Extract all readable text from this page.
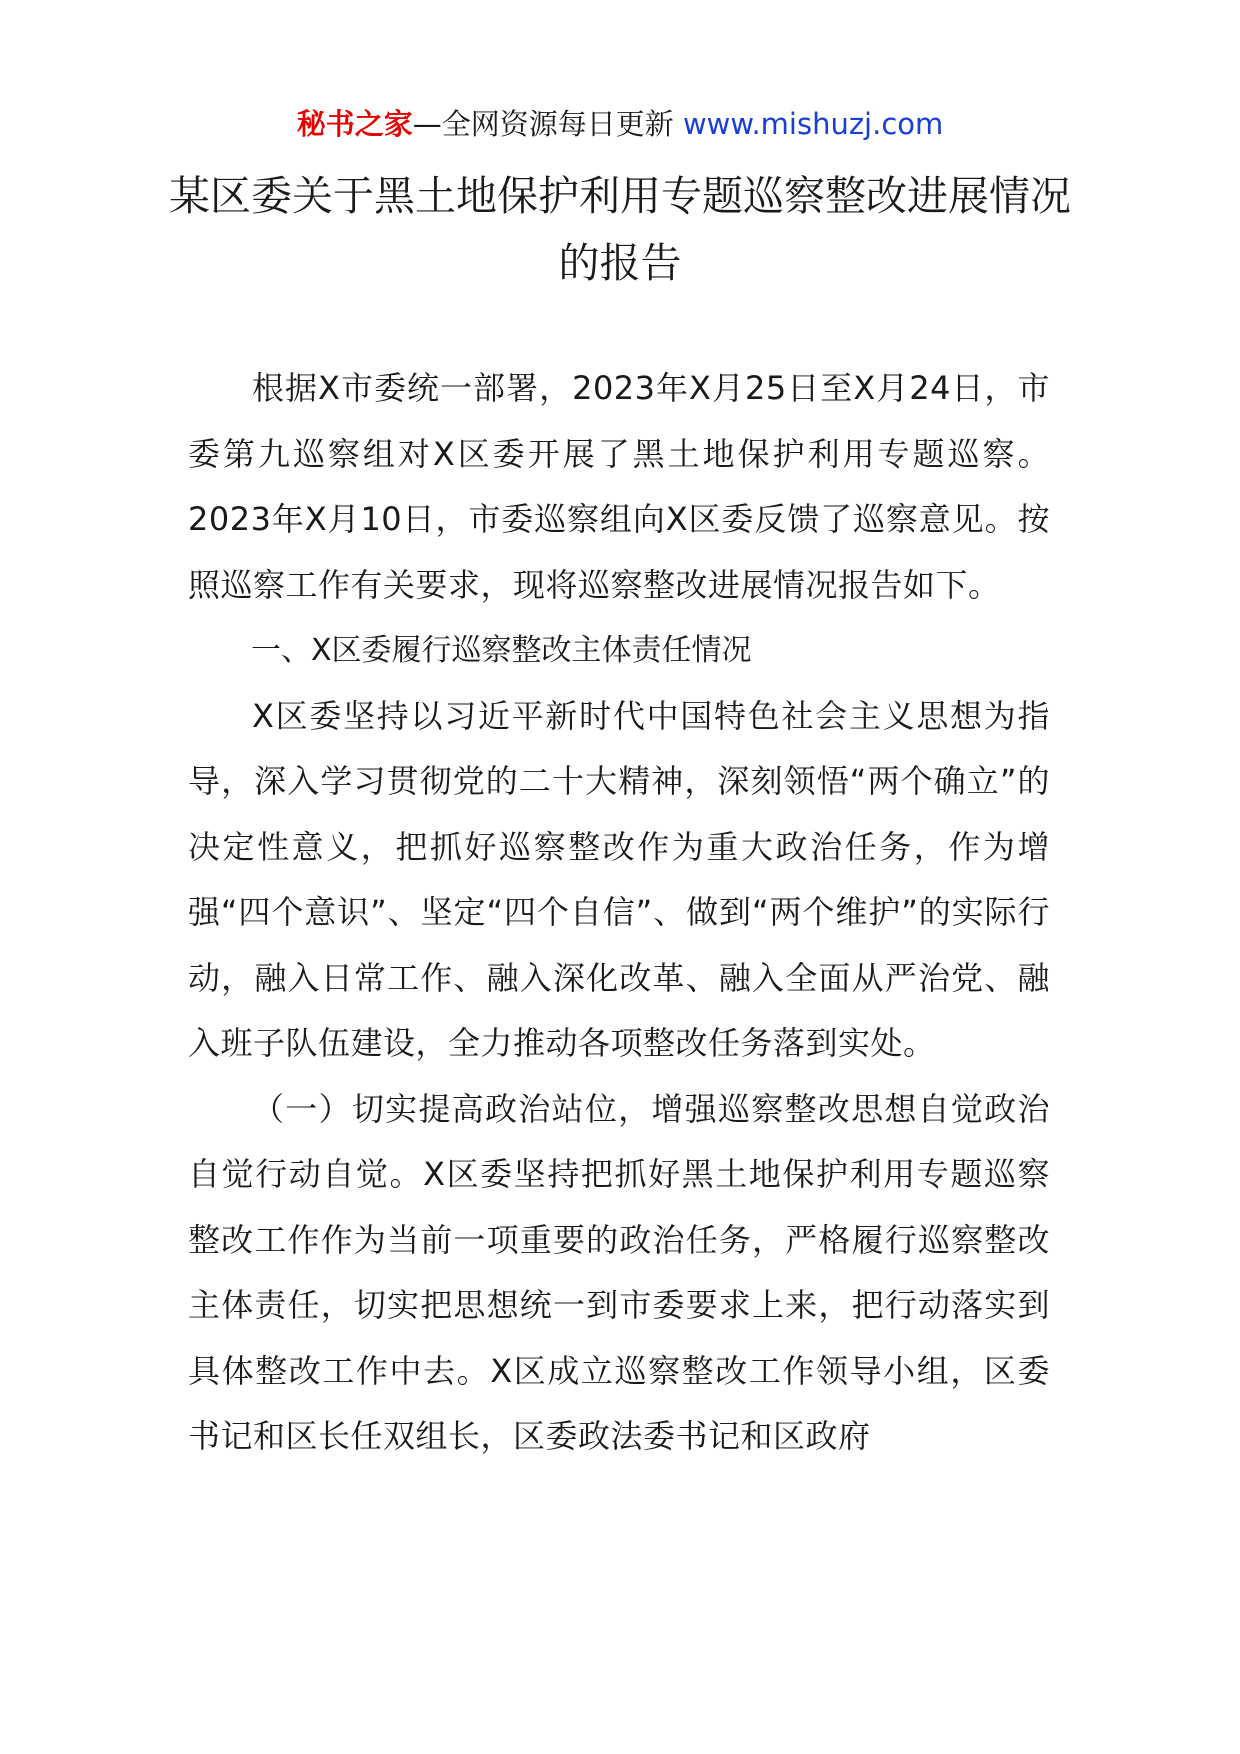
秘书之家—全网资源每日更新 www.mishuzj.com
某区委关于黑土地保护利用专题巡察整改进展情况的报告

根据X市委统一部署，2023年X月25日至X月24日，市委第九巡察组对X区委开展了黑土地保护利用专题巡察。2023年X月10日，市委巡察组向X区委反馈了巡察意见。按照巡察工作有关要求，现将巡察整改进展情况报告如下。

一、X区委履行巡察整改主体责任情况

X区委坚持以习近平新时代中国特色社会主义思想为指导，深入学习贯彻党的二十大精神，深刻领悟“两个确立”的决定性意义，把抓好巡察整改作为重大政治任务，作为增强“四个意识”、坚定“四个自信”、做到“两个维护”的实际行动，融入日常工作、融入深化改革、融入全面从严治党、融入班子队伍建设，全力推动各项整改任务落到实处。

（一）切实提高政治站位，增强巡察整改思想自觉政治自觉行动自觉。X区委坚持把抓好黑土地保护利用专题巡察整改工作作为当前一项重要的政治任务，严格履行巡察整改主体责任，切实把思想统一到市委要求上来，把行动落实到具体整改工作中去。X区成立巡察整改工作领导小组，区委书记和区长任双组长，区委政法委书记和区政府
